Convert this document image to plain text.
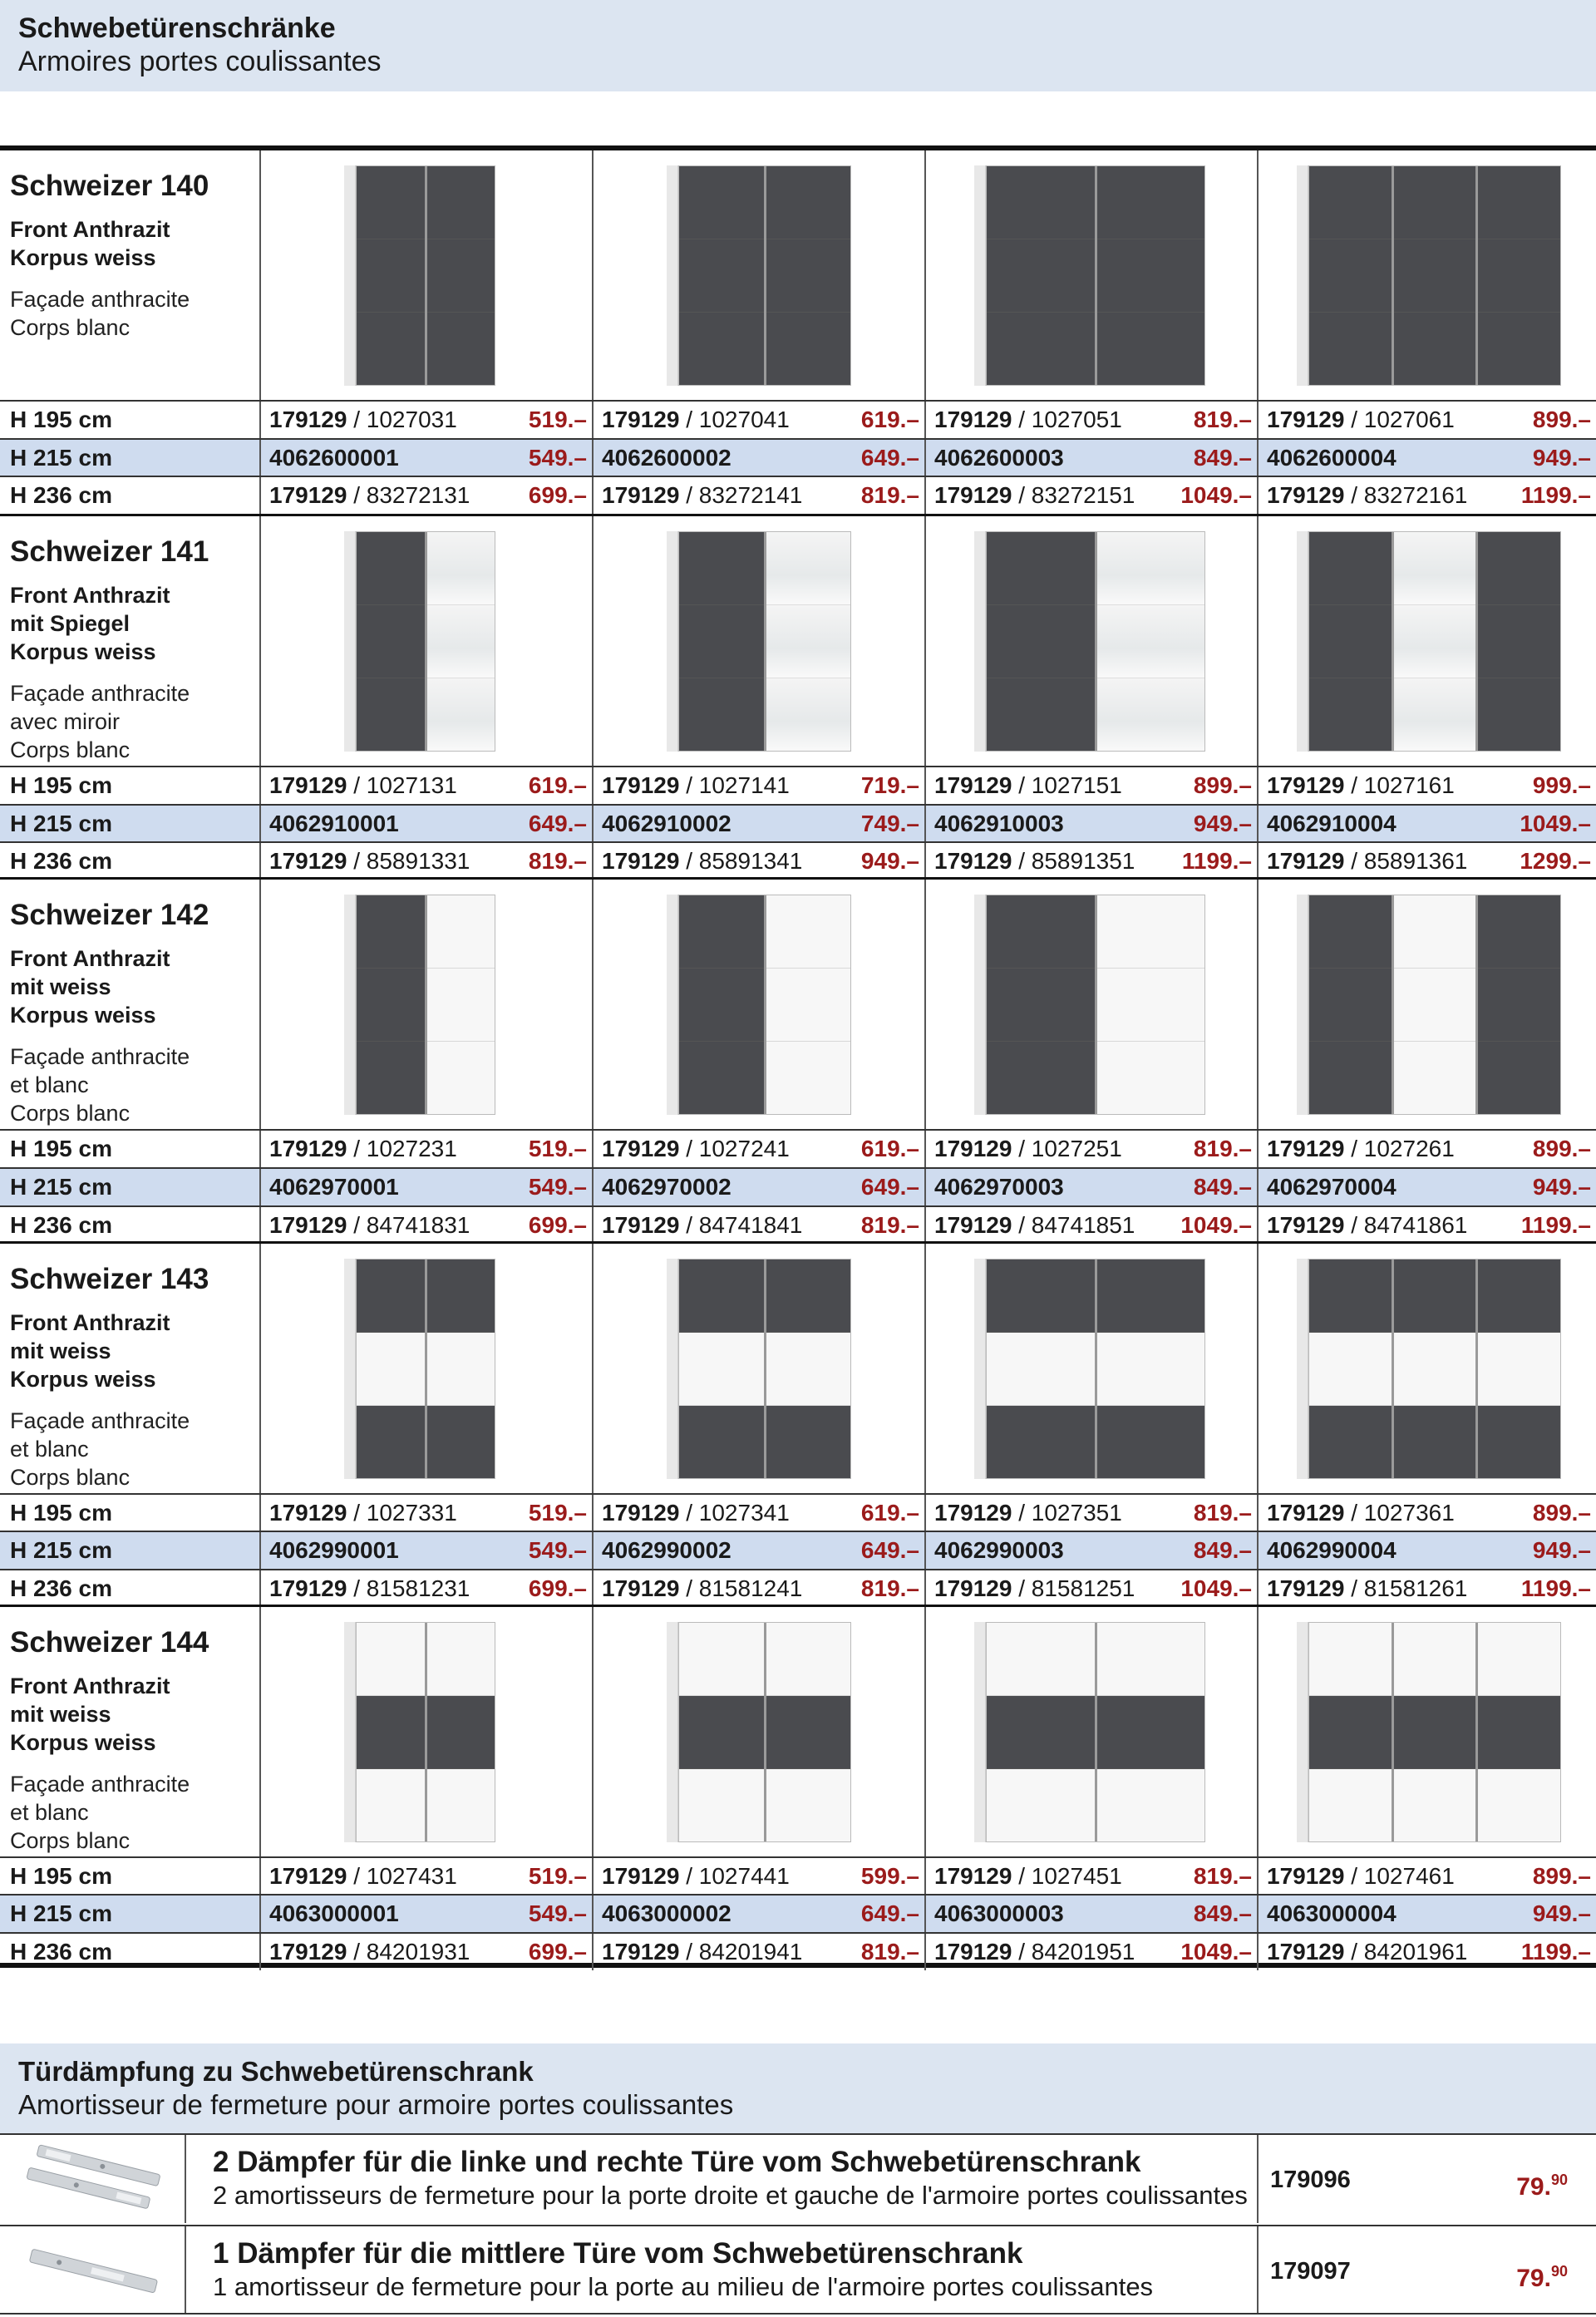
Schwebetürenschränke
Armoires portes coulissantes
Schweizer 140
Front Anthrazit
Korpus weiss
Façade anthracite
Corps blanc
H 195 cm	179129 / 1027031	519.– 179129 / 1027041	619.– 179129 / 1027051	819.– 179129 / 1027061	899.–
H 215 cm	4062600001	549.– 4062600002	649.– 4062600003	849.– 4062600004	949.–
H 236 cm	179129 / 83272131	699.– 179129 / 83272141	819.– 179129 / 83272151 1049.– 179129 / 83272161 1199.–
Schweizer 141
Front Anthrazit
mit Spiegel
Korpus weiss
Façade anthracite
avec miroir
Corps blanc
H 195 cm	179129 / 1027131	619.– 179129 / 1027141	719.– 179129 / 1027151	899.– 179129 / 1027161	999.–
H 215 cm	4062910001	649.– 4062910002	749.– 4062910003	949.– 4062910004	1049.–
H 236 cm	179129 / 85891331	819.– 179129 / 85891341	949.– 179129 / 85891351 1199.– 179129 / 85891361 1299.–
Schweizer 142
Front Anthrazit
mit weiss
Korpus weiss
Façade anthracite
et blanc
Corps blanc
H 195 cm	179129 / 1027231	519.– 179129 / 1027241	619.– 179129 / 1027251	819.– 179129 / 1027261	899.–
H 215 cm	4062970001	549.– 4062970002	649.– 4062970003	849.– 4062970004	949.–
H 236 cm	179129 / 84741831	699.– 179129 / 84741841	819.– 179129 / 84741851 1049.– 179129 / 84741861 1199.–
Schweizer 143
Front Anthrazit
mit weiss
Korpus weiss
Façade anthracite
et blanc
Corps blanc
H 195 cm	179129 / 1027331	519.– 179129 / 1027341	619.– 179129 / 1027351	819.– 179129 / 1027361	899.–
H 215 cm	4062990001	549.– 4062990002	649.– 4062990003	849.– 4062990004	949.–
H 236 cm	179129 / 81581231	699.– 179129 / 81581241	819.– 179129 / 81581251 1049.– 179129 / 81581261 1199.–
Schweizer 144
Front Anthrazit
mit weiss
Korpus weiss
Façade anthracite
et blanc
Corps blanc
H 195 cm	179129 / 1027431	519.– 179129 / 1027441	599.– 179129 / 1027451	819.– 179129 / 1027461	899.–
H 215 cm	4063000001	549.– 4063000002	649.– 4063000003	849.– 4063000004	949.–
H 236 cm	179129 / 84201931	699.– 179129 / 84201941	819.– 179129 / 84201951 1049.– 179129 / 84201961 1199.–
Türdämpfung zu Schwebetürenschrank
Amortisseur de fermeture pour armoire portes coulissantes
2 Dämpfer für die linke und rechte Türe vom Schwebetürenschrank
2 amortisseurs de fermeture pour la porte droite et gauche de l'armoire portes coulissantes
179096	79.90
1 Dämpfer für die mittlere Türe vom Schwebetürenschrank
1 amortisseur de fermeture pour la porte au milieu de l'armoire portes coulissantes
179097	79.90
